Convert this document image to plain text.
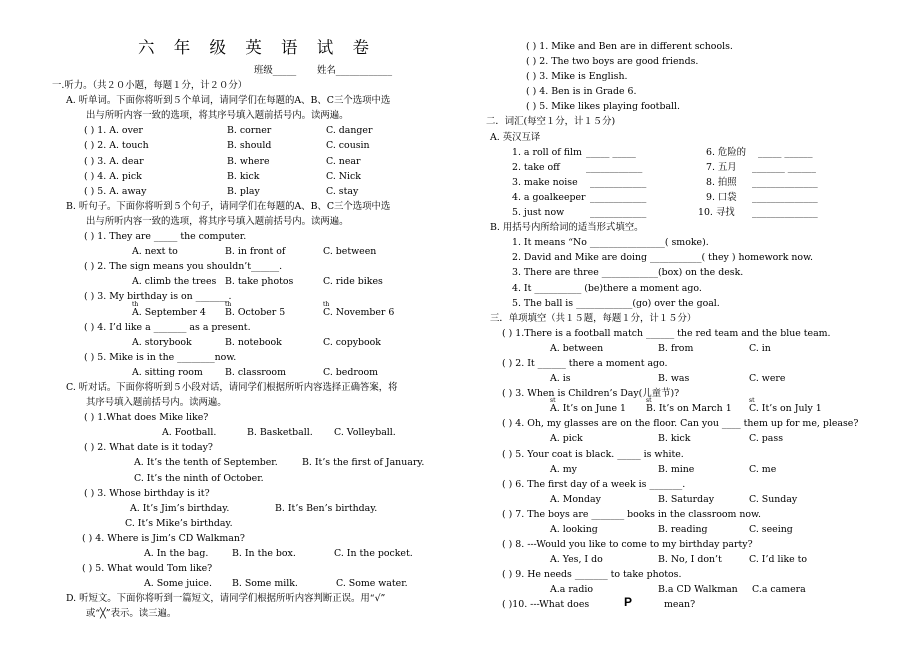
六 年 级 英 语 试 卷
班级_____ 姓名____________
一.听力。（共２０小题，每题１分，计２０分）
A. 听单词。下面你将听到５个单词，请同学们在每题的A、B、C三个选项中选
出与所听内容一致的选项，将其序号填入题前括号内。读两遍。
( ) 1. A. over	B. corner	C. danger
( ) 2. A. touch	B. should	C. cousin
( ) 3. A. dear	B. where	C. near
( ) 4. A. pick	B. kick	C. Nick
( ) 5. A. away	B. play	C. stay
B. 听句子。下面你将听到５个句子，请同学们在每题的A、B、C三个选项中选
出与所听内容一致的选项，将其序号填入题前括号内。读两遍。
( ) 1. They are _____ the computer.
A. next to	B. in front of	C. between
( ) 2. The sign means you shouldn’t______.
A. climb the trees B. take photos	C. ride bikes
( ) 3. My birthday is on _______.
A. September 4
th
B. October 5
th
C. November 6
th
( ) 4. I’d like a _______ as a present.
A. storybook	B. notebook	C. copybook
( ) 5. Mike is in the ________now.
A. sitting room B. classroom	C. bedroom
C. 听对话。下面你将听到５小段对话，请同学们根据所听内容选择正确答案，将
其序号填入题前括号内。读两遍。
( ) 1.What does Mike like?
A. Football.	B. Basketball. C. Volleyball.
( ) 2. What date is it today?
A. It’s the tenth of September.	B. It’s the first of January.
C. It’s the ninth of October.
( ) 3. Whose birthday is it?
A. It’s Jim’s birthday.	B. It’s Ben’s birthday.
C. It’s Mike’s birthday.
( ) 4. Where is Jim’s CD Walkman?
A. In the bag.	B. In the box.	C. In the pocket.
( ) 5. What would Tom like?
A. Some juice. B. Some milk.	C. Some water.
D. 听短文。下面你将听到一篇短文，请同学们根据所听内容判断正误。用“√”
或“╳”表示。读三遍。
( ) 1. Mike and Ben are in different schools.
( ) 2. The two boys are good friends.
( ) 3. Mike is English.
( ) 4. Ben is in Grade 6.
( ) 5. Mike likes playing football.
二．词汇(每空１分，计１５分)
A. 英汉互译
1. a roll of film _____ _____	6. 危险的 _____ ______
2. take off	____________	7. 五月 _______ ______
3. make noise ____________	8. 拍照 ______________
4. a goalkeeper ____________	9. 口袋 ______________
5. just now	____________	10. 寻找 ______________
B. 用括号内所给词的适当形式填空。
1. It means “No ________________( smoke).
2. David and Mike are doing ___________( they ) homework now.
3. There are three ____________(box) on the desk.
4. It __________ (be)there a moment ago.
5. The ball is ____________(go) over the goal.
三．单项填空（共１５题，每题１分，计１５分）
( ) 1.There is a football match ______ the red team and the blue team.
A. between	B. from	C. in
( ) 2. It ______ there a moment ago.
A. is	B. was	C. were
( ) 3. When is Children’s Day(儿童节)?
A. It’s on June 1
st
B. It’s on March 1
st
C. It’s on July 1
st
( ) 4. Oh, my glasses are on the floor. Can you ____ them up for me, please?
A. pick	B. kick	C. pass
( ) 5. Your coat is black. _____ is white.
A. my	B. mine	C. me
( ) 6. The first day of a week is _______.
A. Monday	B. Saturday	C. Sunday
( ) 7. The boys are _______ books in the classroom now.
A. looking	B. reading	C. seeing
( ) 8. ---Would you like to come to my birthday party?
A. Yes, I do	B. No, I don’t	C. I’d like to
( ) 9. He needs _______ to take photos.
A.a radio	B.a CD Walkman C.a camera
( )10. ---What does	P	mean?
